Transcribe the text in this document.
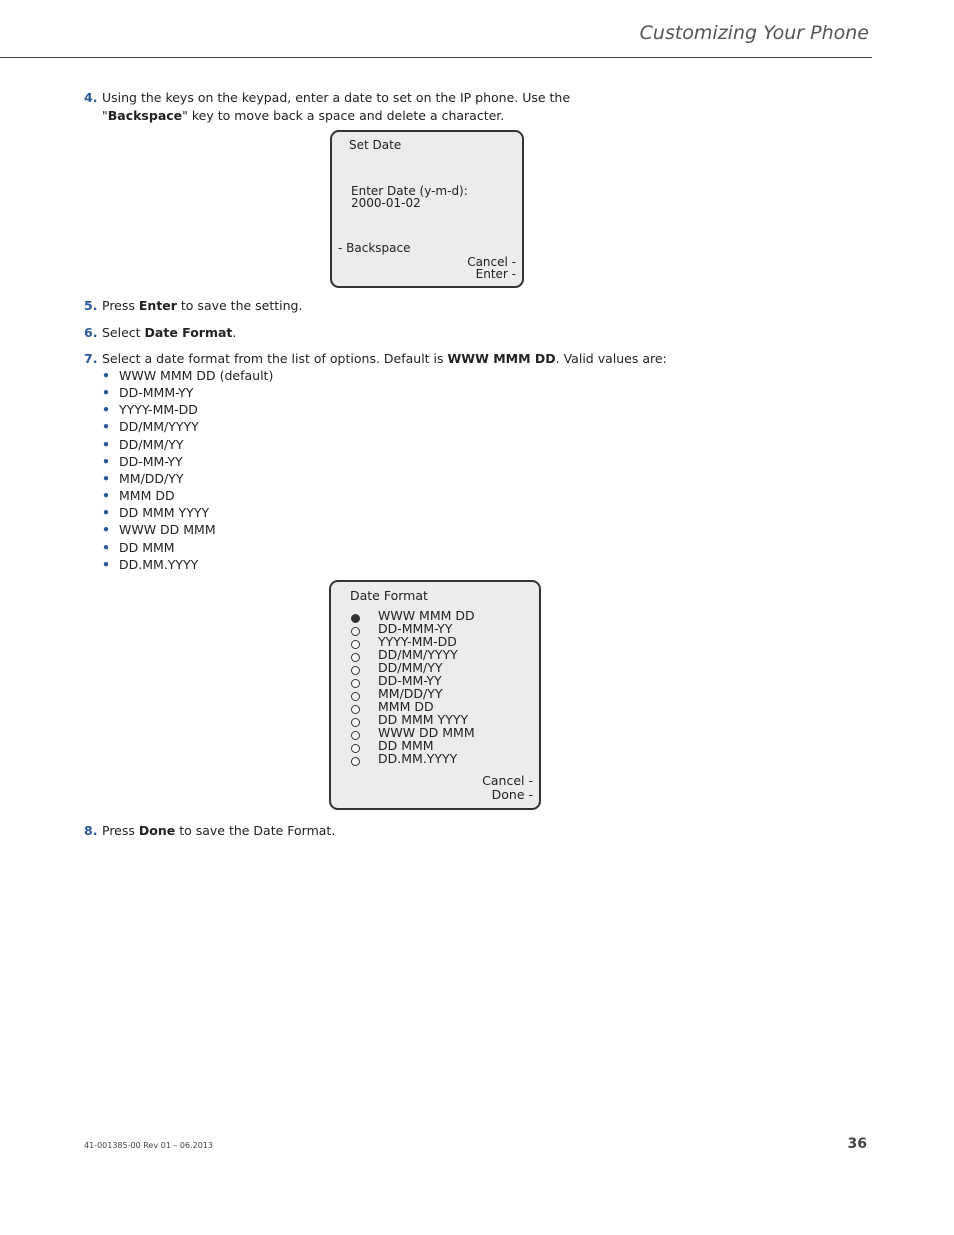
Customizing Your Phone
4. Using the keys on the keypad, enter a date to set on the IP phone. Use the
"Backspace" key to move back a space and delete a character.
Set Date
Enter Date (y-m-d):
2000-01-02
- Backspace
Cancel -
Enter -
5. Press Enter to save the setting.
6. Select Date Format.
7. Select a date format from the list of options. Default is WWW MMM DD. Valid values are:
• WWW MMM DD (default)
• DD-MMM-YY
• YYYY-MM-DD
• DD/MM/YYYY
• DD/MM/YY
• DD-MM-YY
• MM/DD/YY
• MMM DD
• DD MMM YYYY
• WWW DD MMM
• DD MMM
• DD.MM.YYYY
Date Format
WWW MMM DD
DD-MMM-YY
YYYY-MM-DD
DD/MM/YYYY
DD/MM/YY
DD-MM-YY
MM/DD/YY
MMM DD
DD MMM YYYY
WWW DD MMM
DD MMM
DD.MM.YYYY
Cancel -
Done -
8. Press Done to save the Date Format.
41-001385-00 Rev 01 – 06.2013	36
